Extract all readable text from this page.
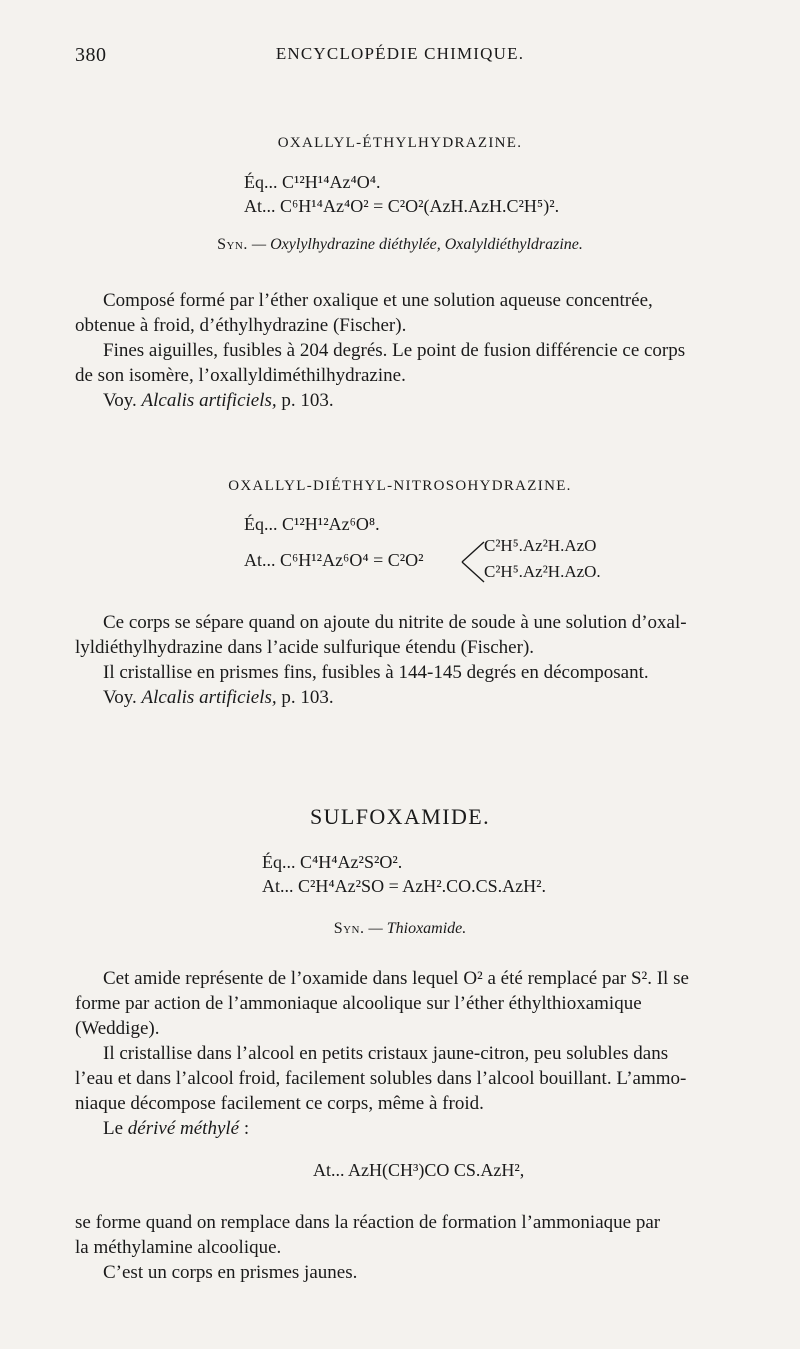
380	ENCYCLOPÉDIE CHIMIQUE.
OXALLYL-ÉTHYLHYDRAZINE.
Éq... C¹²H¹⁴Az⁴O⁴.
At... C⁶H¹⁴Az⁴O² = C²O²(AzH.AzH.C²H⁵)².
Syn. — Oxylylhydrazine diéthylée, Oxalyldiéthyldrazine.
Composé formé par l’éther oxalique et une solution aqueuse concentrée,
obtenue à froid, d’éthylhydrazine (Fischer).
Fines aiguilles, fusibles à 204 degrés. Le point de fusion différencie ce corps
de son isomère, l’oxallyldiméthilhydrazine.
Voy. Alcalis artificiels, p. 103.
OXALLYL-DIÉTHYL-NITROSOHYDRAZINE.
Éq... C¹²H¹²Az⁶O⁸.
At... C⁶H¹²Az⁶O⁴ = C²O²
C²H⁵.Az²H.AzO
C²H⁵.Az²H.AzO.
Ce corps se sépare quand on ajoute du nitrite de soude à une solution d’oxal-
lyldiéthylhydrazine dans l’acide sulfurique étendu (Fischer).
Il cristallise en prismes fins, fusibles à 144-145 degrés en décomposant.
Voy. Alcalis artificiels, p. 103.
SULFOXAMIDE.
Éq... C⁴H⁴Az²S²O².
At... C²H⁴Az²SO = AzH².CO.CS.AzH².
Syn. — Thioxamide.
Cet amide représente de l’oxamide dans lequel O² a été remplacé par S². Il se
forme par action de l’ammoniaque alcoolique sur l’éther éthylthioxamique
(Weddige).
Il cristallise dans l’alcool en petits cristaux jaune-citron, peu solubles dans
l’eau et dans l’alcool froid, facilement solubles dans l’alcool bouillant. L’ammo-
niaque décompose facilement ce corps, même à froid.
Le dérivé méthylé :
At... AzH(CH³)CO CS.AzH²,
se forme quand on remplace dans la réaction de formation l’ammoniaque par
la méthylamine alcoolique.
C’est un corps en prismes jaunes.
